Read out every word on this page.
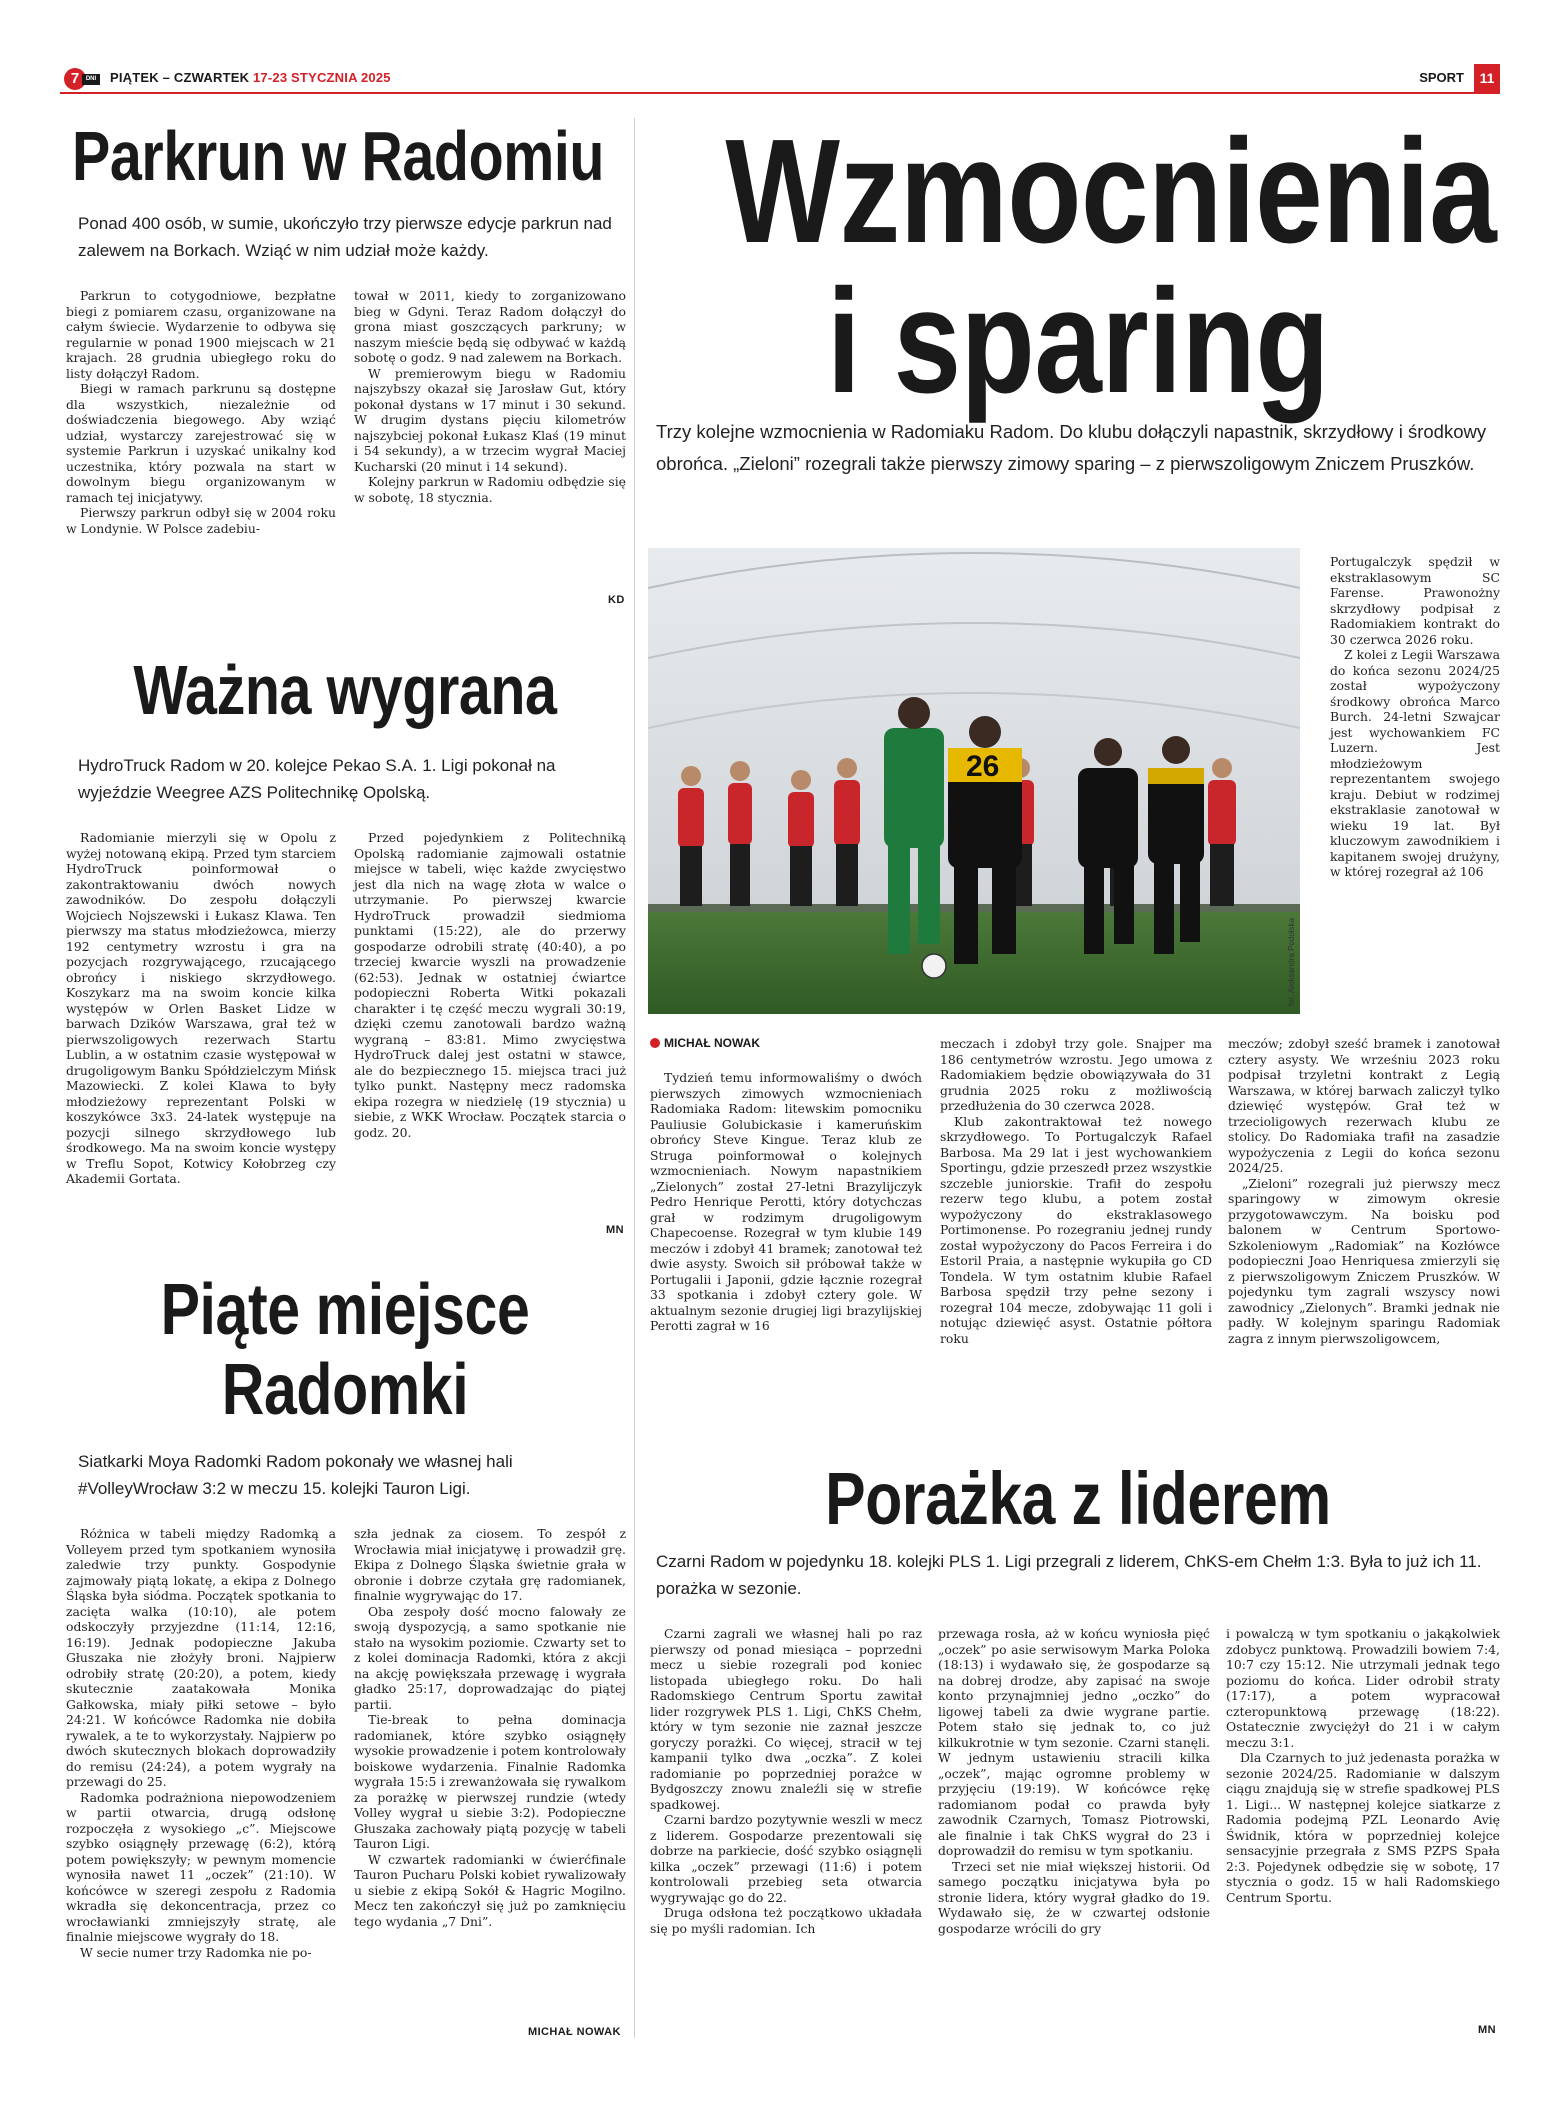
7	DNI PIĄTEK – CZWARTEK 17-23 STYCZNIA 2025	SPORT	11
Parkrun w Radomiu
Ponad 400 osób, w sumie, ukończyło trzy pierwsze edycje parkrun nad zalewem na Borkach. Wziąć w nim udział może każdy.

Parkrun to cotygodniowe, bezpłatne biegi z pomiarem czasu, organizowane na całym świecie. Wydarzenie to odbywa się regularnie w ponad 1900 miejscach w 21 krajach. 28 grudnia ubiegłego roku do listy dołączył Radom.

Biegi w ramach parkrunu są dostępne dla wszystkich, niezależnie od doświadczenia biegowego. Aby wziąć udział, wystarczy zarejestrować się w systemie Parkrun i uzyskać unikalny kod uczestnika, który pozwala na start w dowolnym biegu organizowanym w ramach tej inicjatywy.

Pierwszy parkrun odbył się w 2004 roku w Londynie. W Polsce zadebiu-

tował w 2011, kiedy to zorganizowano bieg w Gdyni. Teraz Radom dołączył do grona miast goszczących parkruny; w naszym mieście będą się odbywać w każdą sobotę o godz. 9 nad zalewem na Borkach.

W premierowym biegu w Radomiu najszybszy okazał się Jarosław Gut, który pokonał dystans w 17 minut i 30 sekund. W drugim dystans pięciu kilometrów najszybciej pokonał Łukasz Klaś (19 minut i 54 sekundy), a w trzecim wygrał Maciej Kucharski (20 minut i 14 sekund).

Kolejny parkrun w Radomiu odbędzie się w sobotę, 18 stycznia.

KD
Ważna wygrana
HydroTruck Radom w 20. kolejce Pekao S.A. 1. Ligi pokonał na wyjeździe Weegree AZS Politechnikę Opolską.

Radomianie mierzyli się w Opolu z wyżej notowaną ekipą. Przed tym starciem HydroTruck poinformował o zakontraktowaniu dwóch nowych zawodników. Do zespołu dołączyli Wojciech Nojszewski i Łukasz Klawa. Ten pierwszy ma status młodzieżowca, mierzy 192 centymetry wzrostu i gra na pozycjach rozgrywającego, rzucającego obrońcy i niskiego skrzydłowego. Koszykarz ma na swoim koncie kilka występów w Orlen Basket Lidze w barwach Dzików Warszawa, grał też w pierwszoligowych rezerwach Startu Lublin, a w ostatnim czasie występował w drugoligowym Banku Spółdzielczym Mińsk Mazowiecki. Z kolei Klawa to były młodzieżowy reprezentant Polski w koszykówce 3x3. 24-latek występuje na pozycji silnego skrzydłowego lub środkowego. Ma na swoim koncie występy w Treflu Sopot, Kotwicy Kołobrzeg czy Akademii Gortata.

Przed pojedynkiem z Politechniką Opolską radomianie zajmowali ostatnie miejsce w tabeli, więc każde zwycięstwo jest dla nich na wagę złota w walce o utrzymanie. Po pierwszej kwarcie HydroTruck prowadził siedmioma punktami (15:22), ale do przerwy gospodarze odrobili stratę (40:40), a po trzeciej kwarcie wyszli na prowadzenie (62:53). Jednak w ostatniej ćwiartce podopieczni Roberta Witki pokazali charakter i tę część meczu wygrali 30:19, dzięki czemu zanotowali bardzo ważną wygraną – 83:81. Mimo zwycięstwa HydroTruck dalej jest ostatni w stawce, ale do bezpiecznego 15. miejsca traci już tylko punkt. Następny mecz radomska ekipa rozegra w niedzielę (19 stycznia) u siebie, z WKK Wrocław. Początek starcia o godz. 20.

MN
Piąte miejsce
Radomki
Siatkarki Moya Radomki Radom pokonały we własnej hali #VolleyWrocław 3:2 w meczu 15. kolejki Tauron Ligi.

Różnica w tabeli między Radomką a Volleyem przed tym spotkaniem wynosiła zaledwie trzy punkty. Gospodynie zajmowały piątą lokatę, a ekipa z Dolnego Śląska była siódma. Początek spotkania to zacięta walka (10:10), ale potem odskoczyły przyjezdne (11:14, 12:16, 16:19). Jednak podopieczne Jakuba Głuszaka nie złożyły broni. Najpierw odrobiły stratę (20:20), a potem, kiedy skutecznie zaatakowała Monika Gałkowska, miały piłki setowe – było 24:21. W końcówce Radomka nie dobiła rywalek, a te to wykorzystały. Najpierw po dwóch skutecznych blokach doprowadziły do remisu (24:24), a potem wygrały na przewagi do 25.

Radomka podrażniona niepowodzeniem w partii otwarcia, drugą odsłonę rozpoczęła z wysokiego „c”. Miejscowe szybko osiągnęły przewagę (6:2), którą potem powiększyły; w pewnym momencie wynosiła nawet 11 „oczek” (21:10). W końcówce w szeregi zespołu z Radomia wkradła się dekoncentracja, przez co wrocławianki zmniejszyły stratę, ale finalnie miejscowe wygrały do 18.

W secie numer trzy Radomka nie po-

szła jednak za ciosem. To zespół z Wrocławia miał inicjatywę i prowadził grę. Ekipa z Dolnego Śląska świetnie grała w obronie i dobrze czytała grę radomianek, finalnie wygrywając do 17.

Oba zespoły dość mocno falowały ze swoją dyspozycją, a samo spotkanie nie stało na wysokim poziomie. Czwarty set to z kolei dominacja Radomki, która z akcji na akcję powiększała przewagę i wygrała gładko 25:17, doprowadzając do piątej partii.

Tie-break to pełna dominacja radomianek, które szybko osiągnęły wysokie prowadzenie i potem kontrolowały boiskowe wydarzenia. Finalnie Radomka wygrała 15:5 i zrewanżowała się rywalkom za porażkę w pierwszej rundzie (wtedy Volley wygrał u siebie 3:2). Podopieczne Głuszaka zachowały piątą pozycję w tabeli Tauron Ligi.

W czwartek radomianki w ćwierćfinale Tauron Pucharu Polski kobiet rywalizowały u siebie z ekipą Sokół & Hagric Mogilno. Mecz ten zakończył się już po zamknięciu tego wydania „7 Dni”.

MICHAŁ NOWAK
Wzmocnienia
i sparing
Trzy kolejne wzmocnienia w Radomiaku Radom. Do klubu dołączyli napastnik, skrzydłowy i środkowy obrońca. „Zieloni” rozegrali także pierwszy zimowy sparing – z pierwszoligowym Zniczem Pruszków.
26
fot. Aleksandra Podolska
MICHAŁ NOWAK

Tydzień temu informowaliśmy o dwóch pierwszych zimowych wzmocnieniach Radomiaka Radom: litewskim pomocniku Pauliusie Golubickasie i kameruńskim obrońcy Steve Kingue. Teraz klub ze Struga poinformował o kolejnych wzmocnieniach. Nowym napastnikiem „Zielonych” został 27-letni Brazylijczyk Pedro Henrique Perotti, który dotychczas grał w rodzimym drugoligowym Chapecoense. Rozegrał w tym klubie 149 meczów i zdobył 41 bramek; zanotował też dwie asysty. Swoich sił próbował także w Portugalii i Japonii, gdzie łącznie rozegrał 33 spotkania i zdobył cztery gole. W aktualnym sezonie drugiej ligi brazylijskiej Perotti zagrał w 16

meczach i zdobył trzy gole. Snajper ma 186 centymetrów wzrostu. Jego umowa z Radomiakiem będzie obowiązywała do 31 grudnia 2025 roku z możliwością przedłużenia do 30 czerwca 2028.

Klub zakontraktował też nowego skrzydłowego. To Portugalczyk Rafael Barbosa. Ma 29 lat i jest wychowankiem Sportingu, gdzie przeszedł przez wszystkie szczeble juniorskie. Trafił do zespołu rezerw tego klubu, a potem został wypożyczony do ekstraklasowego Portimonense. Po rozegraniu jednej rundy został wypożyczony do Pacos Ferreira i do Estoril Praia, a następnie wykupiła go CD Tondela. W tym ostatnim klubie Rafael Barbosa spędził trzy pełne sezony i rozegrał 104 mecze, zdobywając 11 goli i notując dziewięć asyst. Ostatnie półtora roku

Portugalczyk spędził w ekstraklasowym SC Farense. Prawonożny skrzydłowy podpisał z Radomiakiem kontrakt do 30 czerwca 2026 roku.

Z kolei z Legii Warszawa do końca sezonu 2024/25 został wypożyczony środkowy obrońca Marco Burch. 24-letni Szwajcar jest wychowankiem FC Luzern. Jest młodzieżowym reprezentantem swojego kraju. Debiut w rodzimej ekstraklasie zanotował w wieku 19 lat. Był kluczowym zawodnikiem i kapitanem swojej drużyny, w której rozegrał aż 106

meczów; zdobył sześć bramek i zanotował cztery asysty. We wrześniu 2023 roku podpisał trzyletni kontrakt z Legią Warszawa, w której barwach zaliczył tylko dziewięć występów. Grał też w trzecioligowych rezerwach klubu ze stolicy. Do Radomiaka trafił na zasadzie wypożyczenia z Legii do końca sezonu 2024/25.

„Zieloni” rozegrali już pierwszy mecz sparingowy w zimowym okresie przygotowawczym. Na boisku pod balonem w Centrum Sportowo-Szkoleniowym „Radomiak” na Kozłówce podopieczni Joao Henriquesa zmierzyli się z pierwszoligowym Zniczem Pruszków. W pojedynku tym zagrali wszyscy nowi zawodnicy „Zielonych”. Bramki jednak nie padły. W kolejnym sparingu Radomiak zagra z innym pierwszoligowcem,

Porażka z liderem
Czarni Radom w pojedynku 18. kolejki PLS 1. Ligi przegrali z liderem, ChKS-em Chełm 1:3. Była to już ich 11. porażka w sezonie.

Czarni zagrali we własnej hali po raz pierwszy od ponad miesiąca – poprzedni mecz u siebie rozegrali pod koniec listopada ubiegłego roku. Do hali Radomskiego Centrum Sportu zawitał lider rozgrywek PLS 1. Ligi, ChKS Chełm, który w tym sezonie nie zaznał jeszcze goryczy porażki. Co więcej, stracił w tej kampanii tylko dwa „oczka”. Z kolei radomianie po poprzedniej porażce w Bydgoszczy znowu znaleźli się w strefie spadkowej.

Czarni bardzo pozytywnie weszli w mecz z liderem. Gospodarze prezentowali się dobrze na parkiecie, dość szybko osiągnęli kilka „oczek” przewagi (11:6) i potem kontrolowali przebieg seta otwarcia wygrywając go do 22.

Druga odsłona też początkowo układała się po myśli radomian. Ich

przewaga rosła, aż w końcu wyniosła pięć „oczek” po asie serwisowym Marka Poloka (18:13) i wydawało się, że gospodarze są na dobrej drodze, aby zapisać na swoje konto przynajmniej jedno „oczko” do ligowej tabeli za dwie wygrane partie. Potem stało się jednak to, co już kilkukrotnie w tym sezonie. Czarni stanęli. W jednym ustawieniu stracili kilka „oczek”, mając ogromne problemy w przyjęciu (19:19). W końcówce rękę radomianom podał co prawda były zawodnik Czarnych, Tomasz Piotrowski, ale finalnie i tak ChKS wygrał do 23 i doprowadził do remisu w tym spotkaniu.

Trzeci set nie miał większej historii. Od samego początku inicjatywa była po stronie lidera, który wygrał gładko do 19. Wydawało się, że w czwartej odsłonie gospodarze wrócili do gry

i powalczą w tym spotkaniu o jakąkolwiek zdobycz punktową. Prowadzili bowiem 7:4, 10:7 czy 15:12. Nie utrzymali jednak tego poziomu do końca. Lider odrobił straty (17:17), a potem wypracował czteropunktową przewagę (18:22). Ostatecznie zwyciężył do 21 i w całym meczu 3:1.

Dla Czarnych to już jedenasta porażka w sezonie 2024/25. Radomianie w dalszym ciągu znajdują się w strefie spadkowej PLS 1. Ligi... W następnej kolejce siatkarze z Radomia podejmą PZL Leonardo Avię Świdnik, która w poprzedniej kolejce sensacyjnie przegrała z SMS PZPS Spała 2:3. Pojedynek odbędzie się w sobotę, 17 stycznia o godz. 15 w hali Radomskiego Centrum Sportu.

MN
